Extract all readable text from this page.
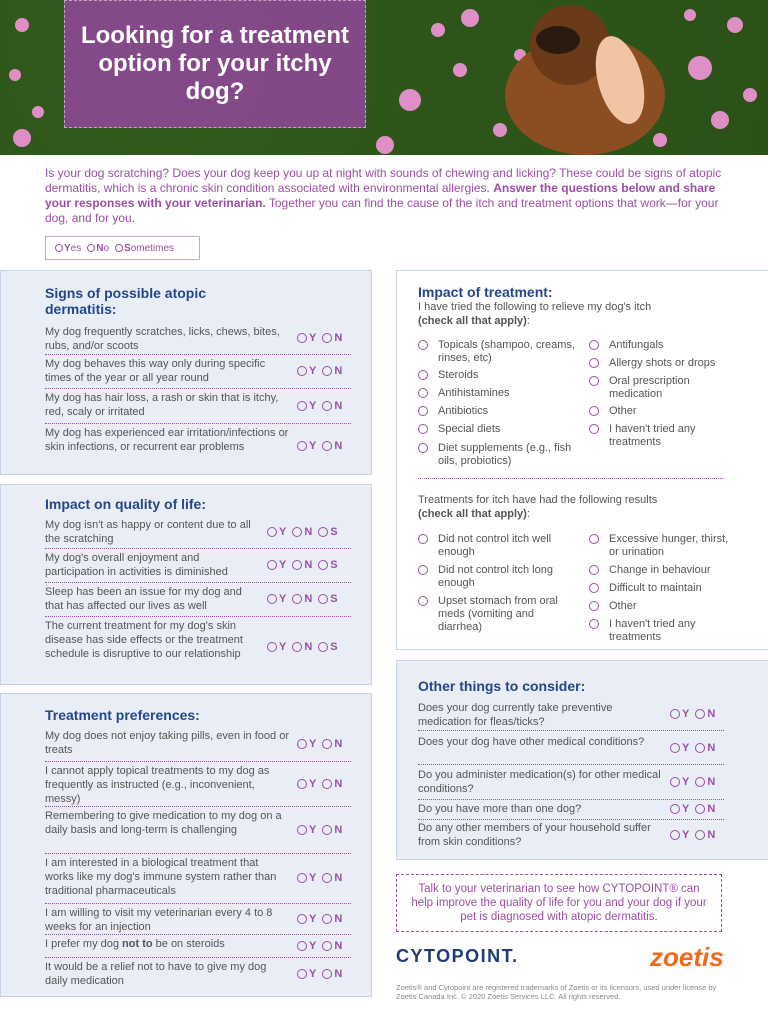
Looking for a treatment option for your itchy dog?

Is your dog scratching? Does your dog keep you up at night with sounds of chewing and licking? These could be signs of atopic dermatitis, which is a chronic skin condition associated with environmental allergies. Answer the questions below and share your responses with your veterinarian. Together you can find the cause of the itch and treatment options that work—for your dog, and for you.

Yes	No	Sometimes
Signs of possible atopic dermatitis:
My dog frequently scratches, licks, chews, bites, rubs, and/or scoots
Y N
My dog behaves this way only during specific times of the year or all year round
Y N
My dog has hair loss, a rash or skin that is itchy, red, scaly or irritated
Y N
My dog has experienced ear irritation/infections or skin infections, or recurrent ear problems	Y N
Impact on quality of life:
My dog isn't as happy or content due to all the scratching
Y N S
My dog's overall enjoyment and participation in activities is diminished
Y N S
Sleep has been an issue for my dog and that has affected our lives as well
Y N S
The current treatment for my dog's skin disease has side effects or the treatment schedule is disruptive to our relationship
Y N S
Treatment preferences:
My dog does not enjoy taking pills, even in food or treats
Y N
I cannot apply topical treatments to my dog as frequently as instructed (e.g., inconvenient, messy)
Y N
Remembering to give medication to my dog on a daily basis and long-term is challenging	Y N
I am interested in a biological treatment that works like my dog's immune system rather than traditional pharmaceuticals
Y N
I am willing to visit my veterinarian every 4 to 8 weeks for an injection
Y N
I prefer my dog not to be on steroids	Y N
It would be a relief not to have to give my dog daily medication
Y N
Impact of treatment:
I have tried the following to relieve my dog's itch
(check all that apply):
Topicals (shampoo, creams, rinses, etc)
Steroids
Antihistamines
Antibiotics
Special diets
Diet supplements (e.g., fish oils, probiotics)
Antifungals
Allergy shots or drops
Oral prescription medication
Other
I haven't tried any treatments
Treatments for itch have had the following results
(check all that apply):
Did not control itch well enough
Did not control itch long enough
Upset stomach from oral meds (vomiting and diarrhea)
Excessive hunger, thirst, or urination
Change in behaviour
Difficult to maintain
Other
I haven't tried any treatments
Other things to consider:
Does your dog currently take preventive medication for fleas/ticks?
Y N
Does your dog have other medical conditions?	Y N
Do you administer medication(s) for other medical conditions?
Y N
Do you have more than one dog?	Y N
Do any other members of your household suffer from skin conditions?
Y N
Talk to your veterinarian to see how CYTOPOINT® can help improve the quality of life for you and your dog if your pet is diagnosed with atopic dermatitis.
CYTOPOINT.	zoetis
Zoetis® and Cytopoint are registered trademarks of Zoetis or its licensors, used under license by Zoetis Canada Inc. © 2020 Zoetis Services LLC. All rights reserved.
